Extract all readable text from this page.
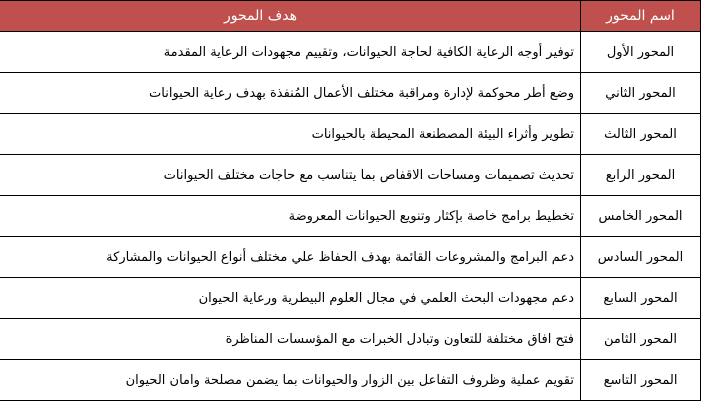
اسم المحور	هدف المحور
المحور الأول	توفير أوجه الرعاية الكافية لحاجة الحيوانات، وتقييم مجهودات الرعاية المقدمة
المحور الثاني	وضع أطر محوكمة لإدارة ومراقبة مختلف الأعمال المُنفذة بهدف رعاية الحيوانات
المحور الثالث	تطوير وأثراء البيئة المصطنعة المحيطة بالحيوانات
المحور الرابع	تحديث تصميمات ومساحات الاقفاص بما يتناسب مع حاجات مختلف الحيوانات
المحور الخامس	تخطيط برامج خاصة بإكثار وتنويع الحيوانات المعروضة
المحور السادس	دعم البرامج والمشروعات القائمة بهدف الحفاظ علي مختلف أنواع الحيوانات والمشاركة
المحور السابع	دعم مجهودات البحث العلمي في مجال العلوم البيطرية ورعاية الحيوان
المحور الثامن	فتح افاق مختلفة للتعاون وتبادل الخبرات مع المؤسسات المناظرة
المحور التاسع	تقويم عملية وظروف التفاعل بين الزوار والحيوانات بما يضمن مصلحة وامان الحيوان
